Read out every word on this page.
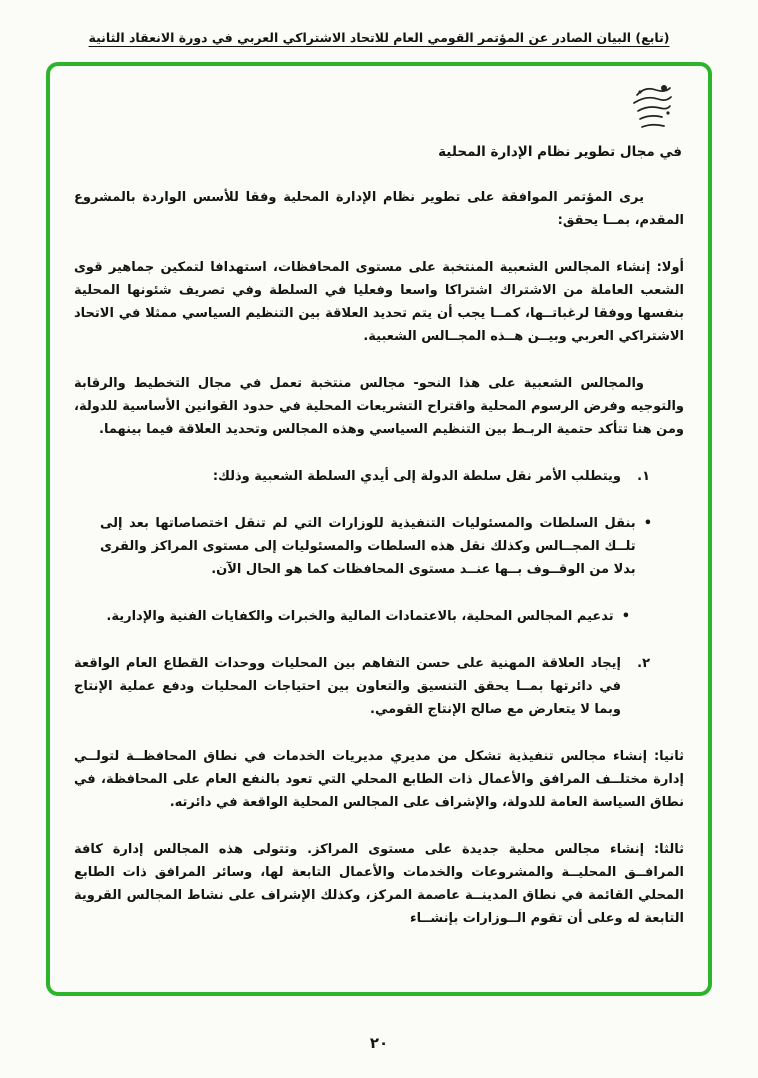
(تابع) البيان الصادر عن المؤتمر القومي العام للاتحاد الاشتراكي العربي في دورة الانعقاد الثانية
في مجال تطوير نظام الإدارة المحلية

يرى المؤتمر الموافقة على تطوير نظام الإدارة المحلية وفقا للأسس الواردة بالمشروع المقدم، بمــا يحقق:

أولا: إنشاء المجالس الشعبية المنتخبة على مستوى المحافظات، استهدافا لتمكين جماهير قوى الشعب العاملة من الاشتراك اشتراكا واسعا وفعليا في السلطة وفي تصريف شئونها المحلية بنفسها ووفقا لرغباتــها، كمــا يجب أن يتم تحديد العلاقة بين التنظيم السياسي ممثلا في الاتحاد الاشتراكي العربي وبيــن هــذه المجــالس الشعبية.

والمجالس الشعبية على هذا النحو- مجالس منتخبة تعمل في مجال التخطيط والرقابة والتوجيه وفرض الرسوم المحلية واقتراح التشريعات المحلية في حدود القوانين الأساسية للدولة، ومن هنا تتأكد حتمية الربـط بين التنظيم السياسي وهذه المجالس وتحديد العلاقة فيما بينهما.

١.
ويتطلب الأمر نقل سلطة الدولة إلى أيدي السلطة الشعبية وذلك:
•
بنقل السلطات والمسئوليات التنفيذية للوزارات التي لم تنقل اختصاصاتها بعد إلى تلــك المجــالس وكذلك نقل هذه السلطات والمسئوليات إلى مستوى المراكز والقرى بدلا من الوقــوف بــها عنــد مستوى المحافظات كما هو الحال الآن.
•
تدعيم المجالس المحلية، بالاعتمادات المالية والخبرات والكفايات الفنية والإدارية.
٢.
إيجاد العلاقة المهنية على حسن التفاهم بين المحليات ووحدات القطاع العام الواقعة في دائرتها بمــا يحقق التنسيق والتعاون بين احتياجات المحليات ودفع عملية الإنتاج وبما لا يتعارض مع صالح الإنتاج القومي.

ثانيا: إنشاء مجالس تنفيذية تشكل من مديري مديريات الخدمات في نطاق المحافظــة لتولــي إدارة مختلــف المرافق والأعمال ذات الطابع المحلي التي تعود بالنفع العام على المحافظة، في نطاق السياسة العامة للدولة، والإشراف على المجالس المحلية الواقعة في دائرته.

ثالثا: إنشاء مجالس محلية جديدة على مستوى المراكز. وتتولى هذه المجالس إدارة كافة المرافــق المحليــة والمشروعات والخدمات والأعمال التابعة لها، وسائر المرافق ذات الطابع المحلي القائمة في نطاق المدينــة عاصمة المركز، وكذلك الإشراف على نشاط المجالس القروية التابعة له وعلى أن تقوم الــوزارات بإنشــاء

٢٠
